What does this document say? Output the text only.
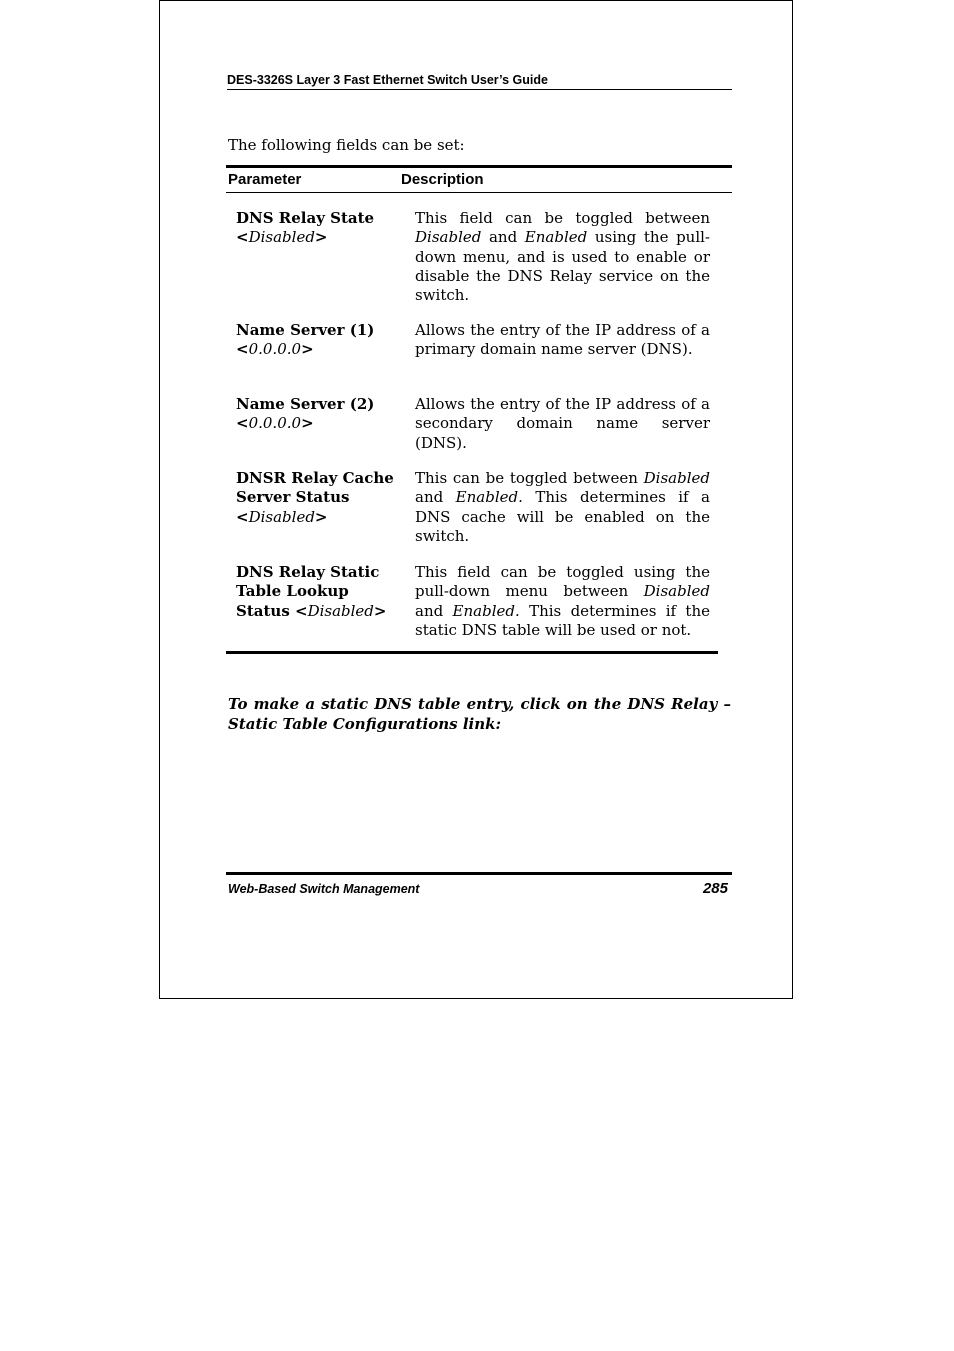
DES-3326S Layer 3 Fast Ethernet Switch User’s Guide
The following fields can be set:
Parameter	Description
DNS Relay State
<Disabled>
This field can be toggled between Disabled and Enabled using the pull-down menu, and is used to enable or disable the DNS Relay service on the switch.
Name Server (1)
<0.0.0.0>
Allows the entry of the IP address of a primary domain name server (DNS).
Name Server (2)
<0.0.0.0>
Allows the entry of the IP address of a secondary domain name server (DNS).
DNSR Relay Cache Server Status
<Disabled>
This can be toggled between Disabled and Enabled. This determines if a DNS cache will be enabled on the switch.
DNS Relay Static Table Lookup Status <Disabled>
This field can be toggled using the pull-down menu between Disabled and Enabled. This determines if the static DNS table will be used or not.
To make a static DNS table entry, click on the DNS Relay – Static Table Configurations link:
Web-Based Switch Management	285
